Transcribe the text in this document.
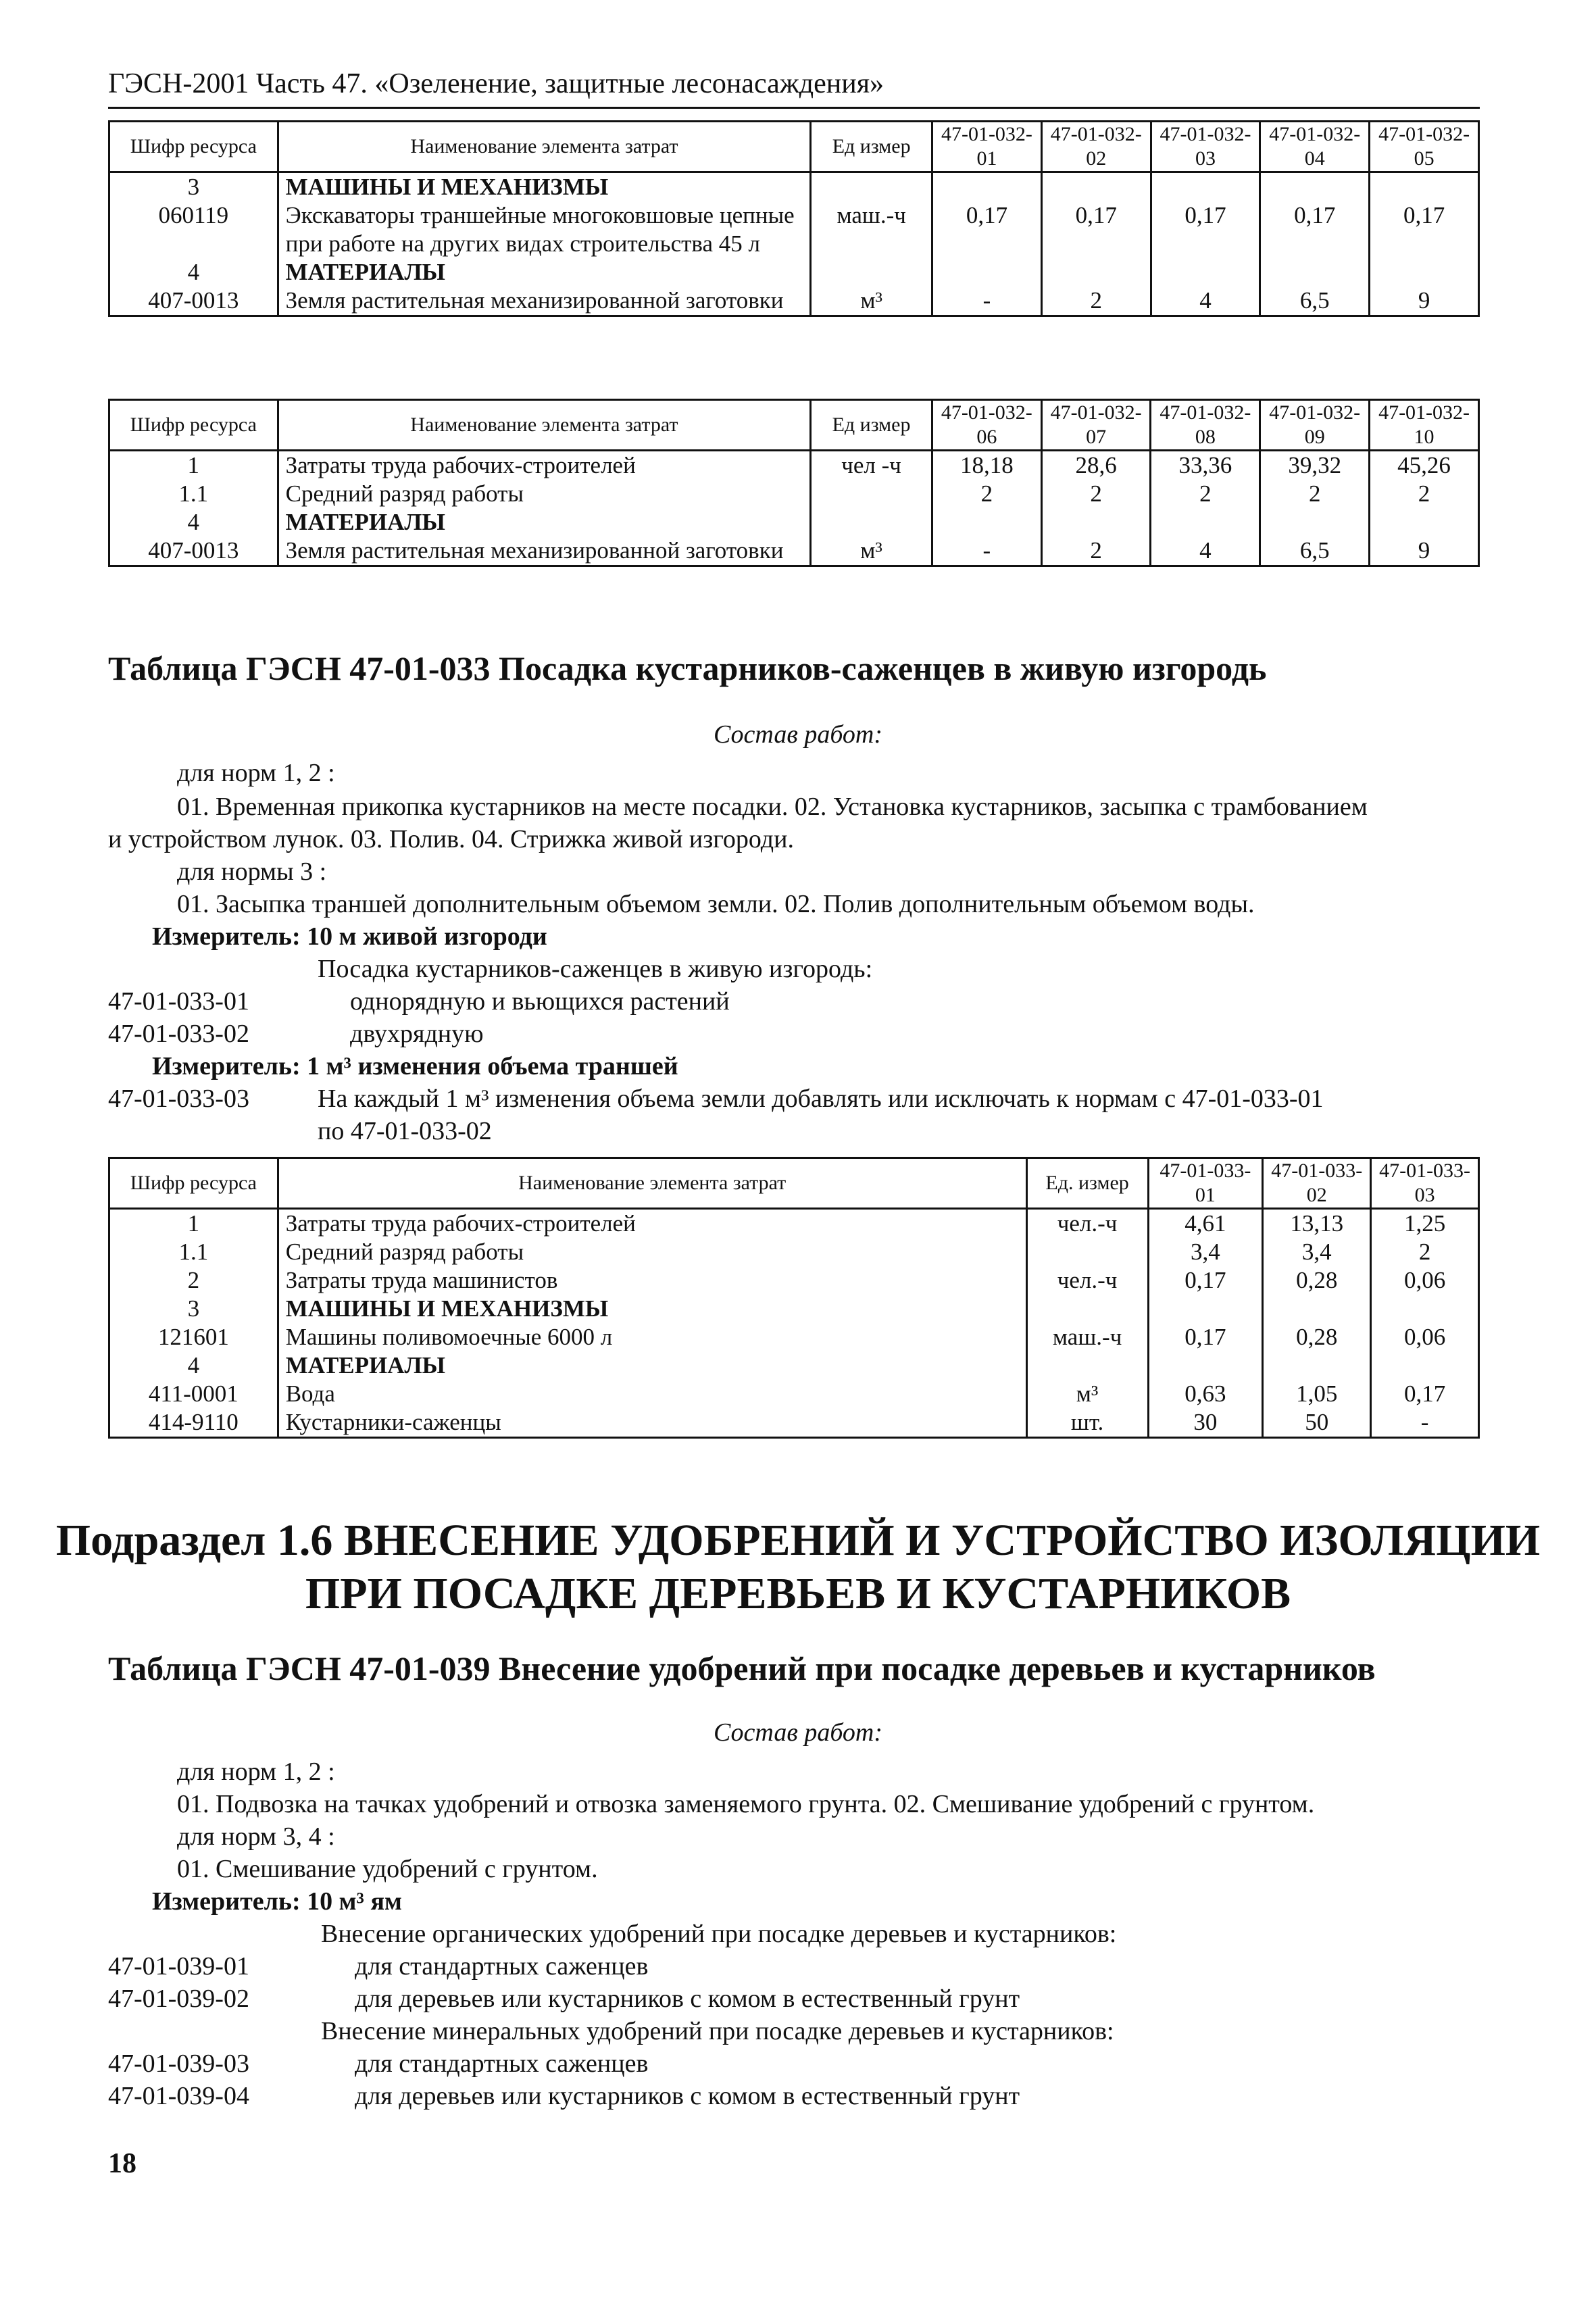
ГЭСН-2001 Часть 47. «Озеленение, защитные лесонасаждения»
Шифр ресурса	Наименование элемента затрат	Ед измер	47-01-032-01	47-01-032-02	47-01-032-03	47-01-032-04	47-01-032-05
3	МАШИНЫ И МЕХАНИЗМЫ						
060119	Экскаваторы траншейные многоковшовые цепные при работе на других видах строительства 45 л	маш.-ч	0,17	0,17	0,17	0,17	0,17
4	МАТЕРИАЛЫ						
407-0013	Земля растительная механизированной заготовки	м³	-	2	4	6,5	9
Шифр ресурса	Наименование элемента затрат	Ед измер	47-01-032-06	47-01-032-07	47-01-032-08	47-01-032-09	47-01-032-10
1	Затраты труда рабочих-строителей	чел -ч	18,18	28,6	33,36	39,32	45,26
1.1	Средний разряд работы		2	2	2	2	2
4	МАТЕРИАЛЫ						
407-0013	Земля растительная механизированной заготовки	м³	-	2	4	6,5	9
Таблица ГЭСН 47-01-033 Посадка кустарников-саженцев в живую изгородь
Состав работ:
для норм 1, 2 :
01. Временная прикопка кустарников на месте посадки. 02. Установка кустарников, засыпка с трамбованием
и устройством лунок. 03. Полив. 04. Стрижка живой изгороди.
для нормы 3 :
01. Засыпка траншей дополнительным объемом земли. 02. Полив дополнительным объемом воды.
Измеритель: 10 м живой изгороди
Посадка кустарников-саженцев в живую изгородь:
47-01-033-01	однорядную и вьющихся растений
47-01-033-02	двухрядную
Измеритель: 1 м³ изменения объема траншей
47-01-033-03	На каждый 1 м³ изменения объема земли добавлять или исключать к нормам с 47-01-033-01
по 47-01-033-02
Шифр ресурса	Наименование элемента затрат	Ед. измер	47-01-033-01	47-01-033-02	47-01-033-03
1	Затраты труда рабочих-строителей	чел.-ч	4,61	13,13	1,25
1.1	Средний разряд работы		3,4	3,4	2
2	Затраты труда машинистов	чел.-ч	0,17	0,28	0,06
3	МАШИНЫ И МЕХАНИЗМЫ				
121601	Машины поливомоечные 6000 л	маш.-ч	0,17	0,28	0,06
4	МАТЕРИАЛЫ				
411-0001	Вода	м³	0,63	1,05	0,17
414-9110	Кустарники-саженцы	шт.	30	50	-
Подраздел 1.6 ВНЕСЕНИЕ УДОБРЕНИЙ И УСТРОЙСТВО ИЗОЛЯЦИИ
ПРИ ПОСАДКЕ ДЕРЕВЬЕВ И КУСТАРНИКОВ
Таблица ГЭСН 47-01-039 Внесение удобрений при посадке деревьев и кустарников
Состав работ:
для норм 1, 2 :
01. Подвозка на тачках удобрений и отвозка заменяемого грунта. 02. Смешивание удобрений с грунтом.
для норм 3, 4 :
01. Смешивание удобрений с грунтом.
Измеритель: 10 м³ ям
Внесение органических удобрений при посадке деревьев и кустарников:
47-01-039-01	для стандартных саженцев
47-01-039-02	для деревьев или кустарников с комом в естественный грунт
Внесение минеральных удобрений при посадке деревьев и кустарников:
47-01-039-03	для стандартных саженцев
47-01-039-04	для деревьев или кустарников с комом в естественный грунт
18
